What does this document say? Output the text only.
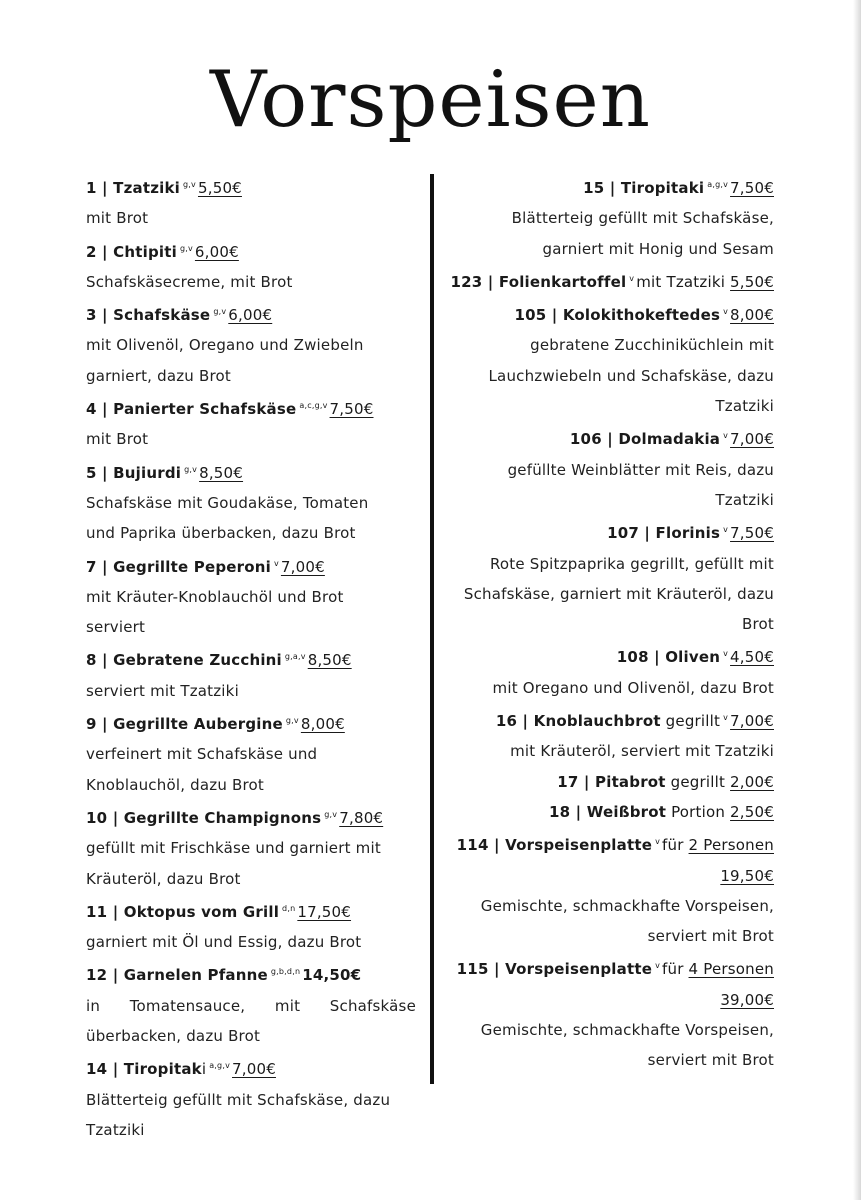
Vorspeisen

1 | Tzatziki $^{g,v}$ 5,50€

mit Brot

2 | Chtipiti $^{g,v}$ 6,00€

Schafskäsecreme, mit Brot

3 | Schafskäse $^{g,v}$ 6,00€

mit Olivenöl, Oregano und Zwiebeln

garniert, dazu Brot

4 | Panierter Schafskäse $^{a,c,g,v}$ 7,50€

mit Brot

5 | Bujiurdi $^{g,v}$ 8,50€

Schafskäse mit Goudakäse, Tomaten

und Paprika überbacken, dazu Brot

7 | Gegrillte Peperoni $^v$ 7,00€

mit Kräuter-Knoblauchöl und Brot

serviert

8 | Gebratene Zucchini $^{g,a,v}$ 8,50€

serviert mit Tzatziki

9 | Gegrillte Aubergine $^{g,v}$ 8,00€

verfeinert mit Schafskäse und

Knoblauchöl, dazu Brot

10 | Gegrillte Champignons $^{g,v}$ 7,80€

gefüllt mit Frischkäse und garniert mit

Kräuteröl, dazu Brot

11 | Oktopus vom Grill $^{d,n}$ 17,50€

garniert mit Öl und Essig, dazu Brot

12 | Garnelen Pfanne $^{g,b,d,n}$ 14,50€

in Tomatensauce, mit Schafskäse

überbacken, dazu Brot

14 | Tiropitaki $^{a,g,v}$ 7,00€

Blätterteig gefüllt mit Schafskäse, dazu

Tzatziki

15 | Tiropitaki $^{a,g,v}$ 7,50€

Blätterteig gefüllt mit Schafskäse,

garniert mit Honig und Sesam

123 | Folienkartoffel $^v$ mit Tzatziki 5,50€

105 | Kolokithokeftedes $^v$ 8,00€

gebratene Zucchiniküchlein mit

Lauchzwiebeln und Schafskäse, dazu

Tzatziki

106 | Dolmadakia $^v$ 7,00€

gefüllte Weinblätter mit Reis, dazu

Tzatziki

107 | Florinis $^v$ 7,50€

Rote Spitzpaprika gegrillt, gefüllt mit

Schafskäse, garniert mit Kräuteröl, dazu

Brot

108 | Oliven $^v$ 4,50€

mit Oregano und Olivenöl, dazu Brot

16 | Knoblauchbrot gegrillt $^v$ 7,00€

mit Kräuteröl, serviert mit Tzatziki

17 | Pitabrot gegrillt 2,00€

18 | Weißbrot Portion 2,50€

114 | Vorspeisenplatte $^v$ für 2 Personen

19,50€

Gemischte, schmackhafte Vorspeisen,

serviert mit Brot

115 | Vorspeisenplatte $^v$ für 4 Personen

39,00€

Gemischte, schmackhafte Vorspeisen,

serviert mit Brot
